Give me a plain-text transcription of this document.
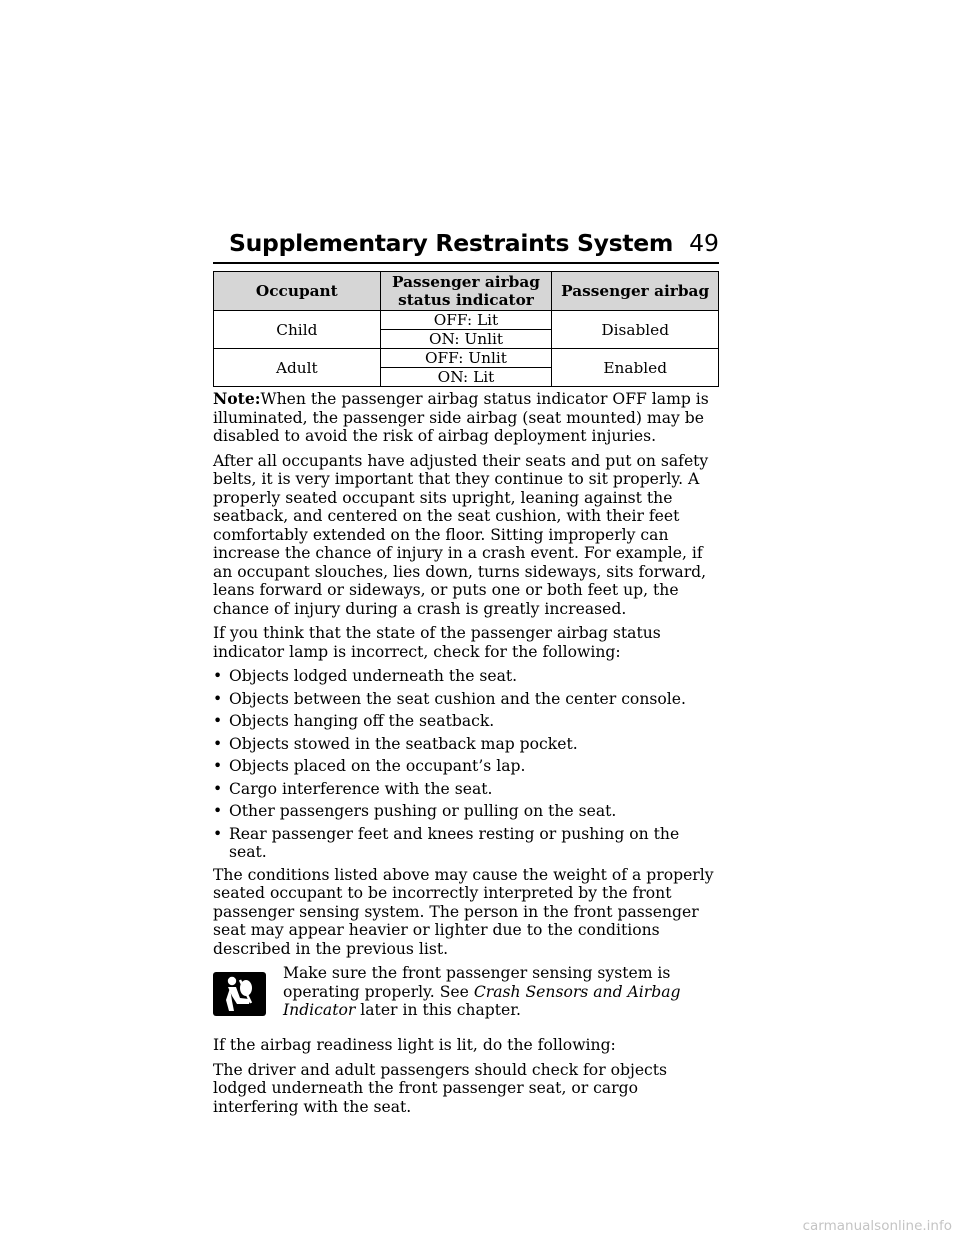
Supplementary Restraints System 49
Occupant	Passenger airbag status indicator	Passenger airbag
Child	OFF: Lit	Disabled
	ON: Unlit	
Adult	OFF: Unlit	Enabled
	ON: Lit	

Note:When the passenger airbag status indicator OFF lamp is illuminated, the passenger side airbag (seat mounted) may be disabled to avoid the risk of airbag deployment injuries.

After all occupants have adjusted their seats and put on safety belts, it is very important that they continue to sit properly. A properly seated occupant sits upright, leaning against the seatback, and centered on the seat cushion, with their feet comfortably extended on the floor. Sitting improperly can increase the chance of injury in a crash event. For example, if an occupant slouches, lies down, turns sideways, sits forward, leans forward or sideways, or puts one or both feet up, the chance of injury during a crash is greatly increased.

If you think that the state of the passenger airbag status indicator lamp is incorrect, check for the following:

• Objects lodged underneath the seat.
• Objects between the seat cushion and the center console.
• Objects hanging off the seatback.
• Objects stowed in the seatback map pocket.
• Objects placed on the occupant’s lap.
• Cargo interference with the seat.
• Other passengers pushing or pulling on the seat.
• Rear passenger feet and knees resting or pushing on the seat.

The conditions listed above may cause the weight of a properly seated occupant to be incorrectly interpreted by the front passenger sensing system. The person in the front passenger seat may appear heavier or lighter due to the conditions described in the previous list.

Make sure the front passenger sensing system is operating properly. See Crash Sensors and Airbag Indicator later in this chapter.

If the airbag readiness light is lit, do the following:

The driver and adult passengers should check for objects lodged underneath the front passenger seat, or cargo interfering with the seat.

carmanualsonline.info
